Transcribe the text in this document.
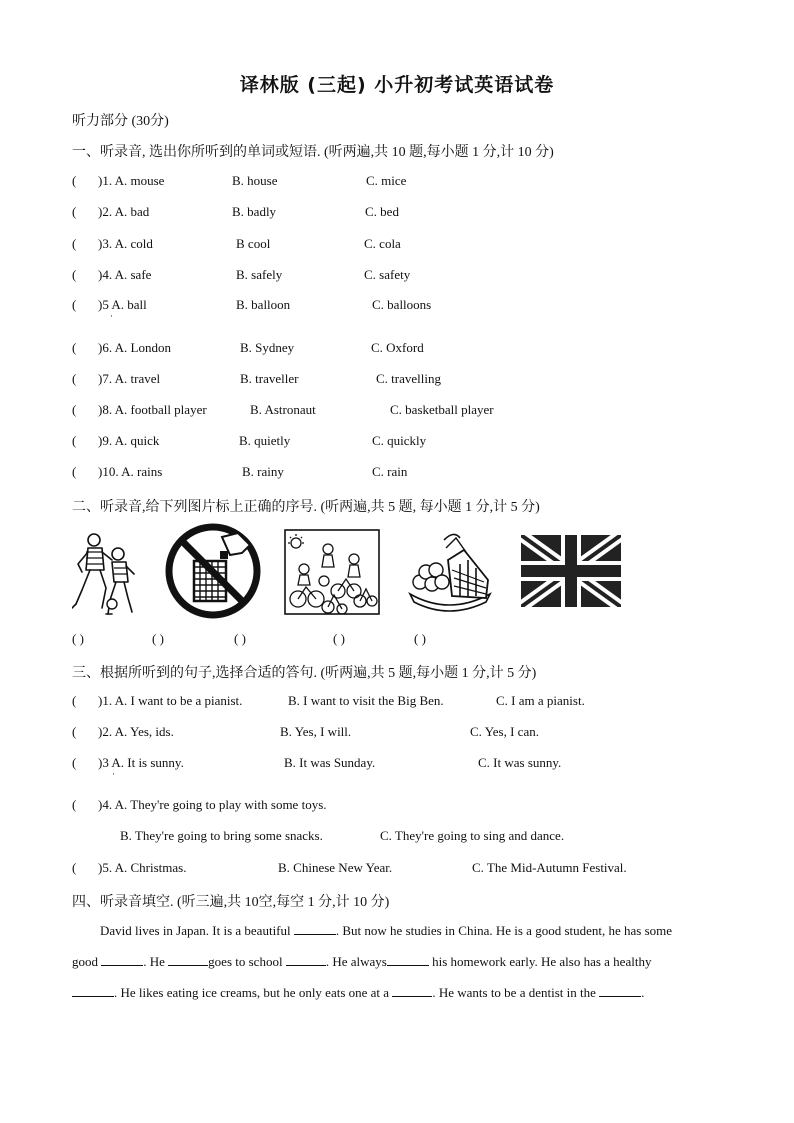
译林版 (三起) 小升初考试英语试卷
听力部分 (30分)
一、听录音, 选出你所听到的单词或短语. (听两遍,共 10 题,每小题 1 分,计 10 分)
( )1. A. mouse	B. house	C. mice
( )2. A. bad	B. badly	C. bed
( )3. A. cold	B cool	C. cola
( )4. A. safe	B. safely	C. safety
( )5 A. ball	B. balloon	C. balloons
·
( )6. A. London	B. Sydney	C. Oxford
( )7. A. travel	B. traveller	C. travelling
( )8. A. football player	B. Astronaut	C. basketball player
( )9. A. quick	B. quietly	C. quickly
( )10. A. rains	B. rainy	C. rain
二、听录音,给下列图片标上正确的序号. (听两遍,共 5 题, 每小题 1 分,计 5 分)
( )	( )	( )	( )	( )
三、根据所听到的句子,选择合适的答句. (听两遍,共 5 题,每小题 1 分,计 5 分)
( )1. A. I want to be a pianist.	B. I want to visit the Big Ben.	C. I am a pianist.
( )2. A. Yes, ids.	B. Yes, I will.	C. Yes, I can.
( )3 A. It is sunny.	B. It was Sunday.	C. It was sunny.
·
( )4. A. They're going to play with some toys.
B. They're going to bring some snacks.	C. They're going to sing and dance.
( )5. A. Christmas.	B. Chinese New Year.	C. The Mid-Autumn Festival.
四、听录音填空. (听三遍,共 10空,每空 1 分,计 10 分)
David lives in Japan. It is a beautiful	. But now he studies in China. He is a good student, he has some
good	. He	goes to school	. He always	his homework early. He also has a healthy
. He likes eating ice creams, but he only eats one at a	. He wants to be a dentist in the	.
